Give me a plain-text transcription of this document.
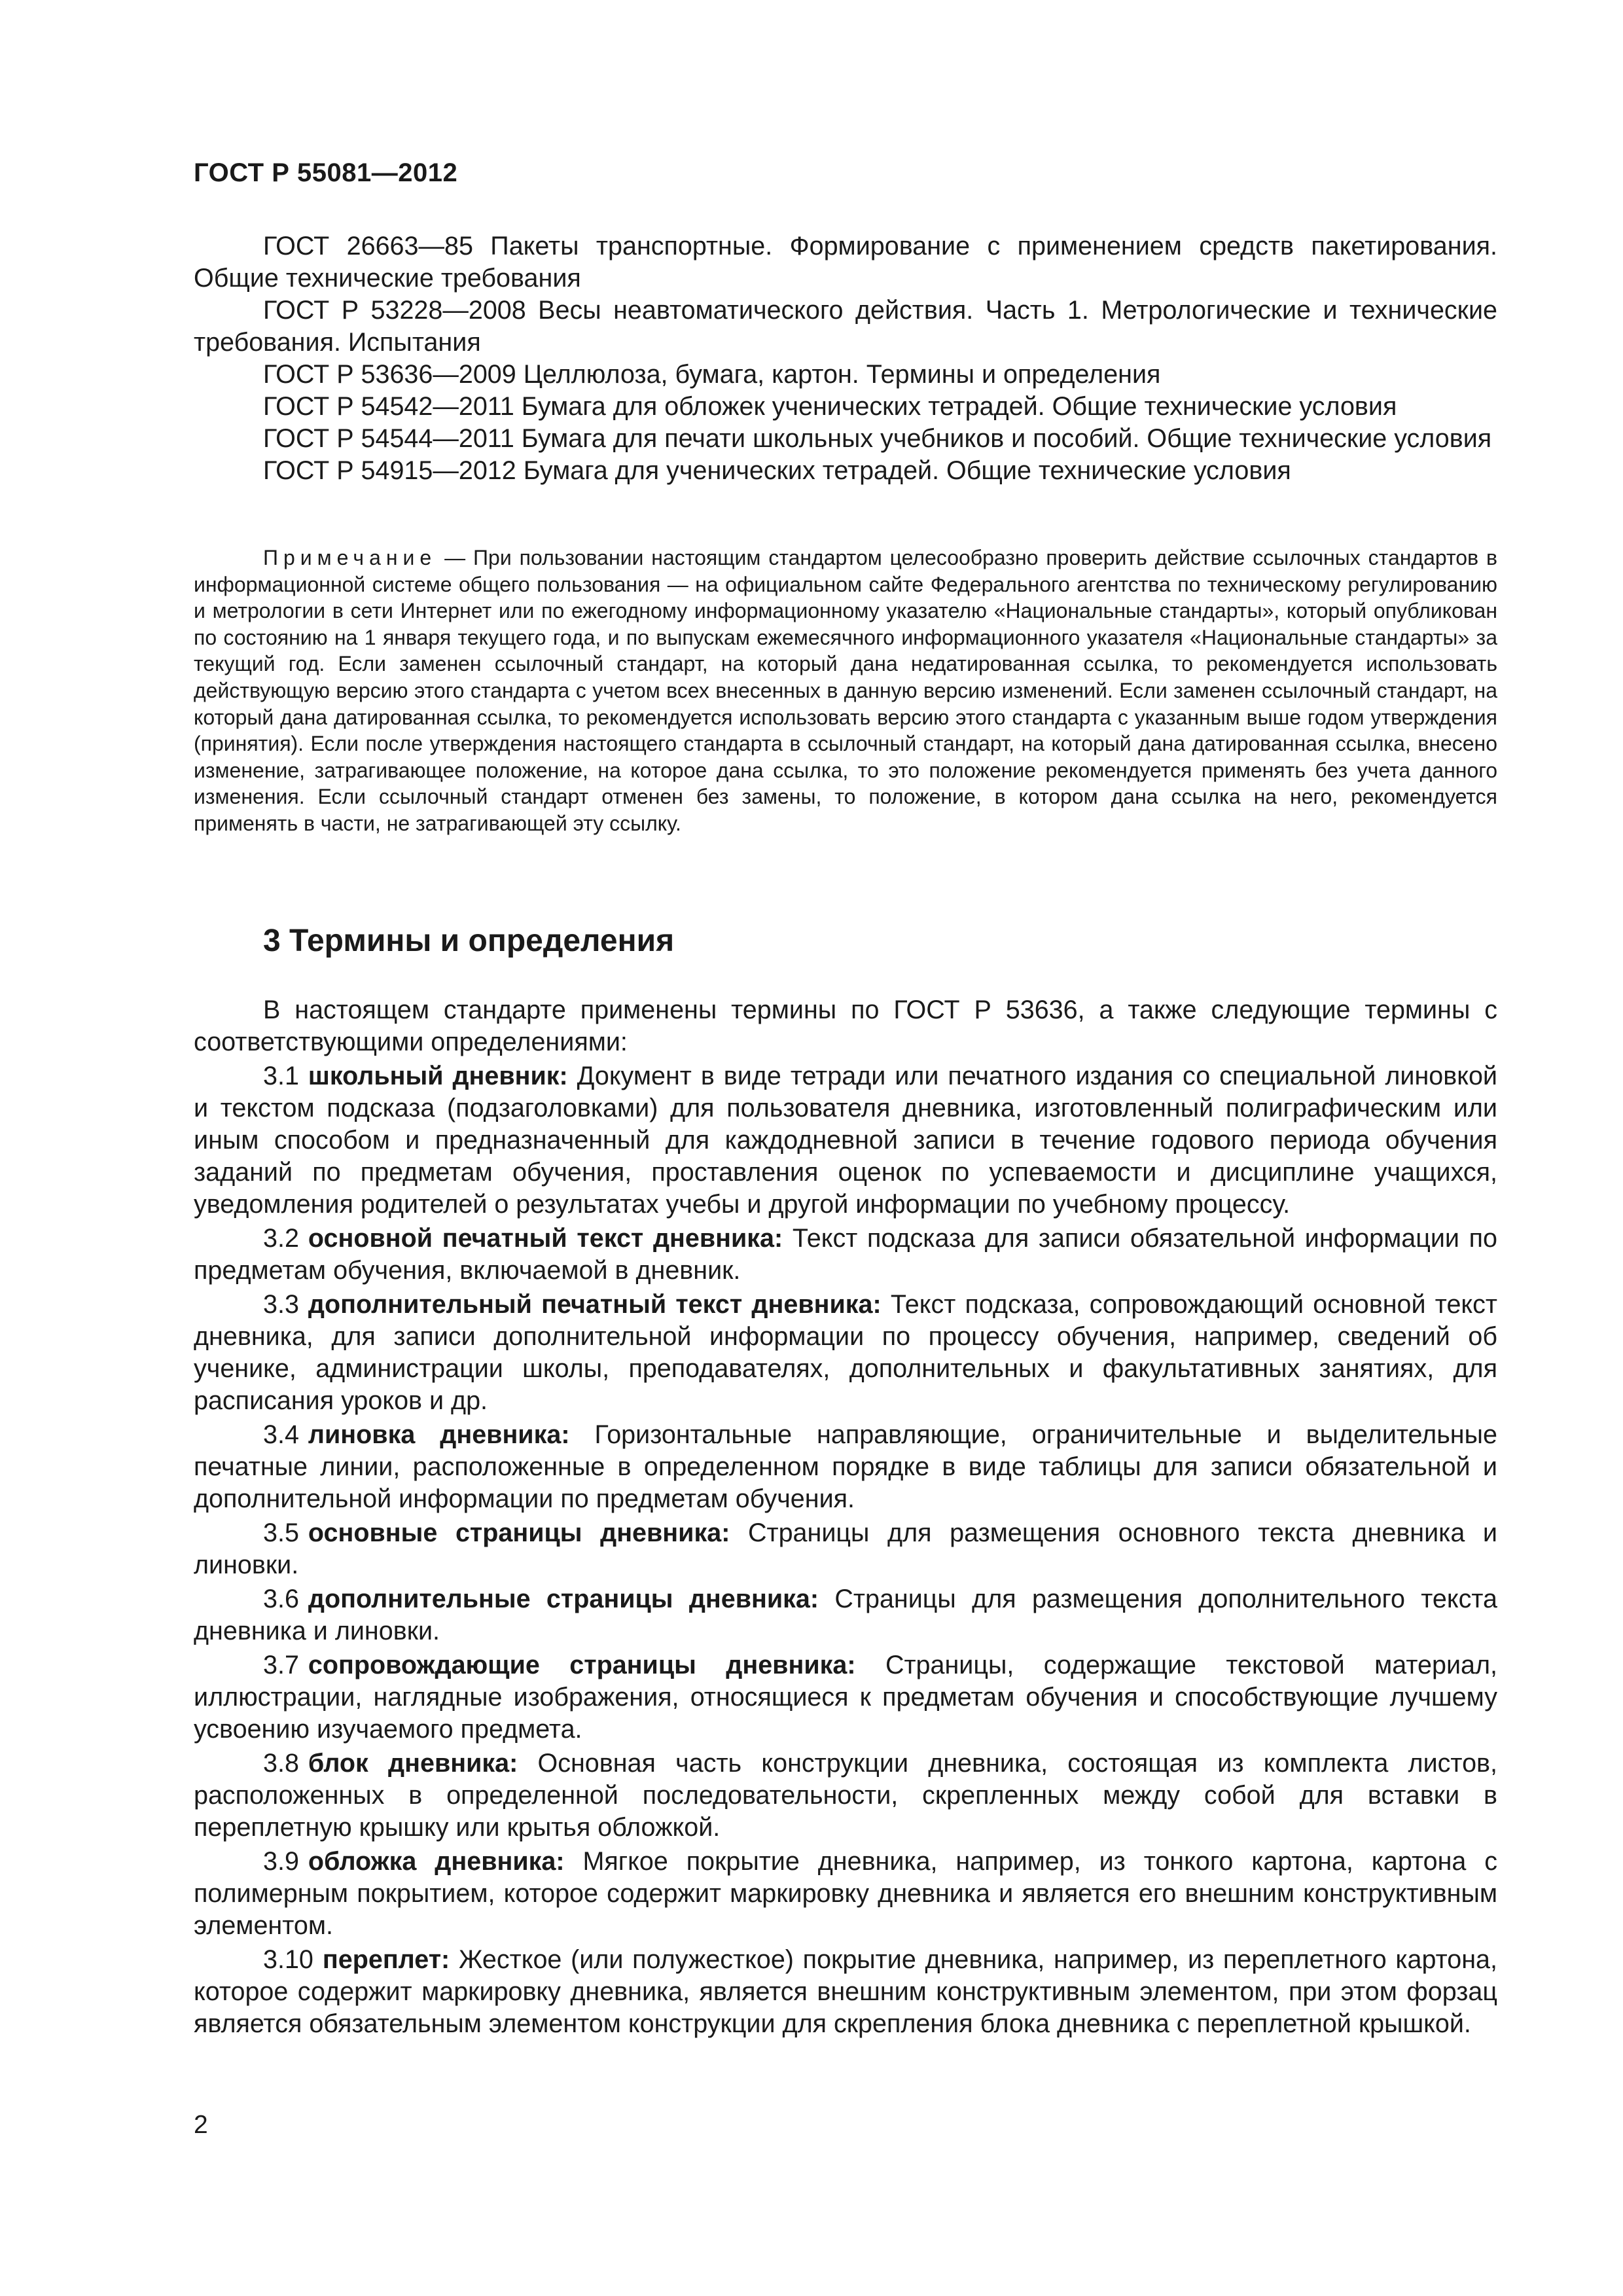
ГОСТ Р 55081—2012

ГОСТ 26663—85 Пакеты транспортные. Формирование с применением средств пакетирования. Общие технические требования

ГОСТ Р 53228—2008 Весы неавтоматического действия. Часть 1. Метрологические и технические требования. Испытания

ГОСТ Р 53636—2009 Целлюлоза, бумага, картон. Термины и определения

ГОСТ Р 54542—2011 Бумага для обложек ученических тетрадей. Общие технические условия

ГОСТ Р 54544—2011 Бумага для печати школьных учебников и пособий. Общие технические условия

ГОСТ Р 54915—2012 Бумага для ученических тетрадей. Общие технические условия

Примечание — При пользовании настоящим стандартом целесообразно проверить действие ссылочных стандартов в информационной системе общего пользования — на официальном сайте Федерального агентства по техническому регулированию и метрологии в сети Интернет или по ежегодному информационному указателю «Национальные стандарты», который опубликован по состоянию на 1 января текущего года, и по выпускам ежемесячного информационного указателя «Национальные стандарты» за текущий год. Если заменен ссылочный стандарт, на который дана недатированная ссылка, то рекомендуется использовать действующую версию этого стандарта с учетом всех внесенных в данную версию изменений. Если заменен ссылочный стандарт, на который дана датированная ссылка, то рекомендуется использовать версию этого стандарта с указанным выше годом утверждения (принятия). Если после утверждения настоящего стандарта в ссылочный стандарт, на который дана датированная ссылка, внесено изменение, затрагивающее положение, на которое дана ссылка, то это положение рекомендуется применять без учета данного изменения. Если ссылочный стандарт отменен без замены, то положение, в котором дана ссылка на него, рекомендуется применять в части, не затрагивающей эту ссылку.

3 Термины и определения

В настоящем стандарте применены термины по ГОСТ Р 53636, а также следующие термины с соответствующими определениями:

3.1 школьный дневник: Документ в виде тетради или печатного издания со специальной линовкой и текстом подсказа (подзаголовками) для пользователя дневника, изготовленный полиграфическим или иным способом и предназначенный для каждодневной записи в течение годового периода обучения заданий по предметам обучения, проставления оценок по успеваемости и дисциплине учащихся, уведомления родителей о результатах учебы и другой информации по учебному процессу.

3.2 основной печатный текст дневника: Текст подсказа для записи обязательной информации по предметам обучения, включаемой в дневник.

3.3 дополнительный печатный текст дневника: Текст подсказа, сопровождающий основной текст дневника, для записи дополнительной информации по процессу обучения, например, сведений об ученике, администрации школы, преподавателях, дополнительных и факультативных занятиях, для расписания уроков и др.

3.4 линовка дневника: Горизонтальные направляющие, ограничительные и выделительные печатные линии, расположенные в определенном порядке в виде таблицы для записи обязательной и дополнительной информации по предметам обучения.

3.5 основные страницы дневника: Страницы для размещения основного текста дневника и линовки.

3.6 дополнительные страницы дневника: Страницы для размещения дополнительного текста дневника и линовки.

3.7 сопровождающие страницы дневника: Страницы, содержащие текстовой материал, иллюстрации, наглядные изображения, относящиеся к предметам обучения и способствующие лучшему усвоению изучаемого предмета.

3.8 блок дневника: Основная часть конструкции дневника, состоящая из комплекта листов, расположенных в определенной последовательности, скрепленных между собой для вставки в переплетную крышку или крытья обложкой.

3.9 обложка дневника: Мягкое покрытие дневника, например, из тонкого картона, картона с полимерным покрытием, которое содержит маркировку дневника и является его внешним конструктивным элементом.

3.10 переплет: Жесткое (или полужесткое) покрытие дневника, например, из переплетного картона, которое содержит маркировку дневника, является внешним конструктивным элементом, при этом форзац является обязательным элементом конструкции для скрепления блока дневника с переплетной крышкой.

2
